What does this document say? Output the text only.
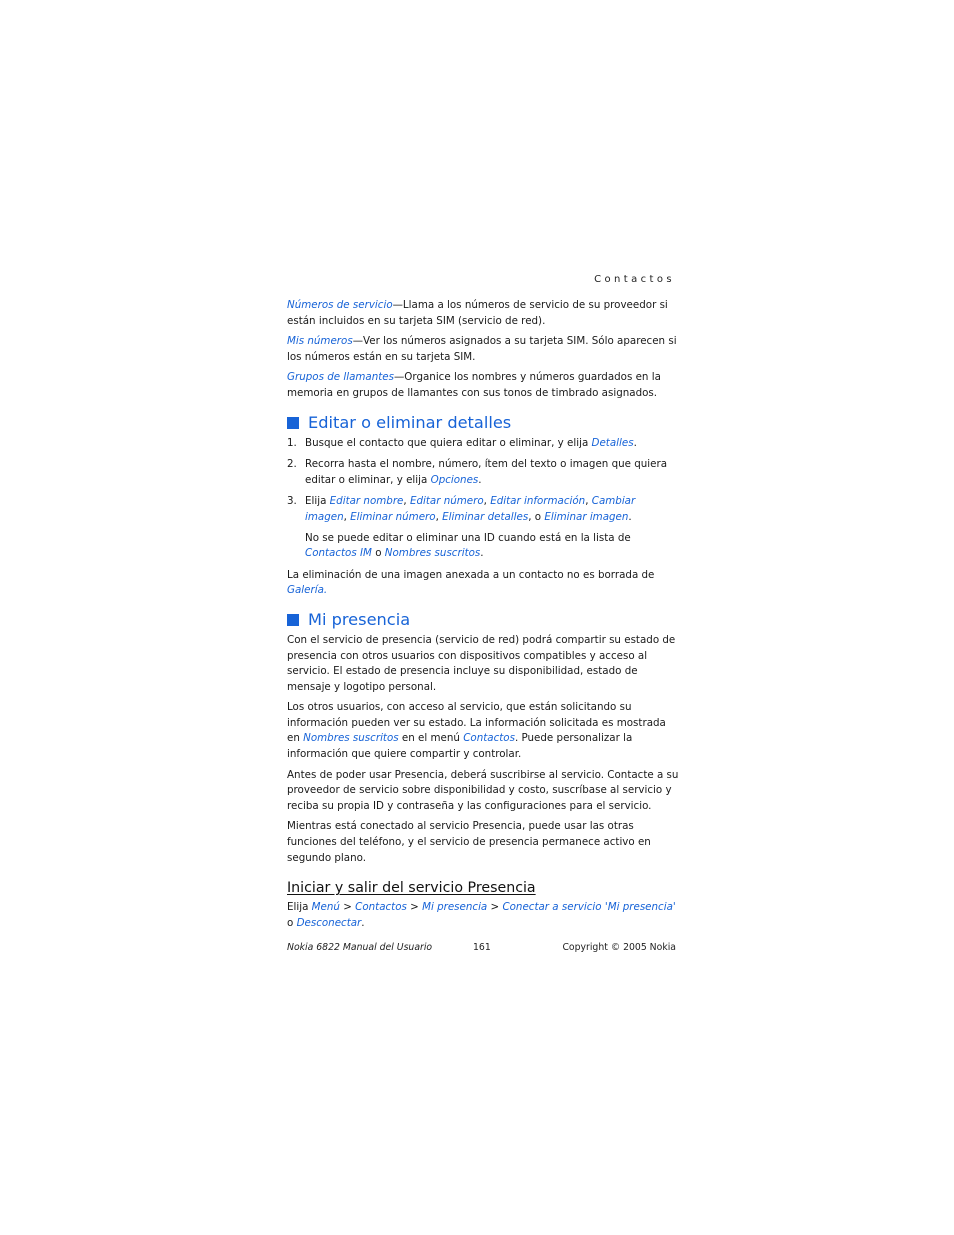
Contactos

Números de servicio—Llama a los números de servicio de su proveedor si están incluidos en su tarjeta SIM (servicio de red).

Mis números—Ver los números asignados a su tarjeta SIM. Sólo aparecen si los números están en su tarjeta SIM.

Grupos de llamantes—Organice los nombres y números guardados en la memoria en grupos de llamantes con sus tonos de timbrado asignados.

Editar o eliminar detalles
1. Busque el contacto que quiera editar o eliminar, y elija Detalles.
2. Recorra hasta el nombre, número, ítem del texto o imagen que quiera editar o eliminar, y elija Opciones.
3. Elija Editar nombre, Editar número, Editar información, Cambiar imagen, Eliminar número, Eliminar detalles, o Eliminar imagen.
No se puede editar o eliminar una ID cuando está en la lista de Contactos IM o Nombres suscritos.

La eliminación de una imagen anexada a un contacto no es borrada de Galería.

Mi presencia

Con el servicio de presencia (servicio de red) podrá compartir su estado de presencia con otros usuarios con dispositivos compatibles y acceso al servicio. El estado de presencia incluye su disponibilidad, estado de mensaje y logotipo personal.

Los otros usuarios, con acceso al servicio, que están solicitando su información pueden ver su estado. La información solicitada es mostrada en Nombres suscritos en el menú Contactos. Puede personalizar la información que quiere compartir y controlar.

Antes de poder usar Presencia, deberá suscribirse al servicio. Contacte a su proveedor de servicio sobre disponibilidad y costo, suscríbase al servicio y reciba su propia ID y contraseña y las configuraciones para el servicio.

Mientras está conectado al servicio Presencia, puede usar las otras funciones del teléfono, y el servicio de presencia permanece activo en segundo plano.

Iniciar y salir del servicio Presencia

Elija Menú > Contactos > Mi presencia > Conectar a servicio 'Mi presencia'
o Desconectar.

Nokia 6822 Manual del Usuario	161	Copyright © 2005 Nokia
